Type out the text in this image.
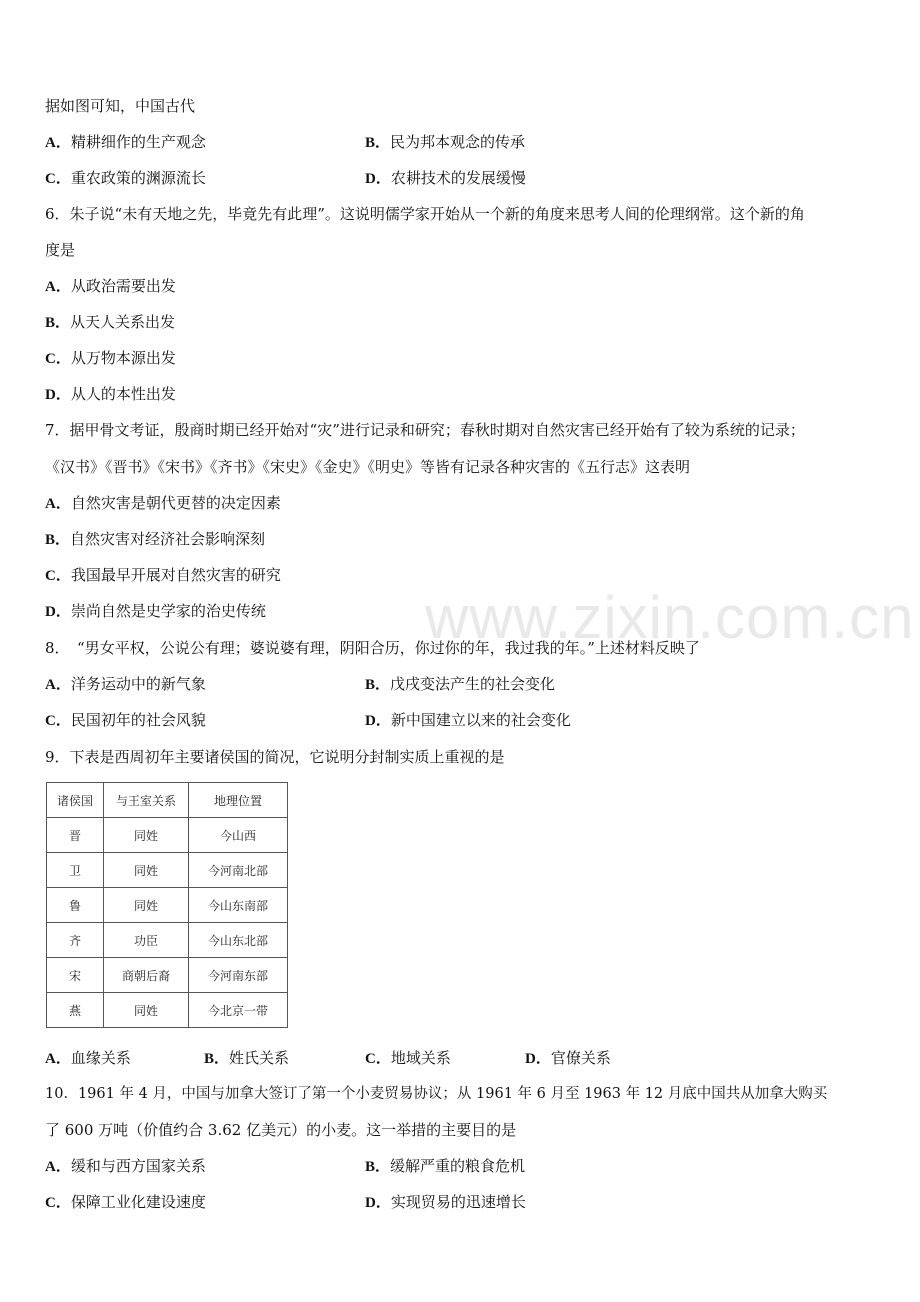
www.zixin.com.cn
据如图可知，中国古代
A．精耕细作的生产观念	B．民为邦本观念的传承
C．重农政策的渊源流长	D．农耕技术的发展缓慢
6．朱子说“未有天地之先，毕竟先有此理”。这说明儒学家开始从一个新的角度来思考人间的伦理纲常。这个新的角
度是
A．从政治需要出发
B．从天人关系出发
C．从万物本源出发
D．从人的本性出发
7．据甲骨文考证，殷商时期已经开始对“灾”进行记录和研究；春秋时期对自然灾害已经开始有了较为系统的记录；
《汉书》《晋书》《宋书》《齐书》《宋史》《金史》《明史》等皆有记录各种灾害的《五行志》这表明
A．自然灾害是朝代更替的决定因素
B．自然灾害对经济社会影响深刻
C．我国最早开展对自然灾害的研究
D．崇尚自然是史学家的治史传统
8．　“男女平权，公说公有理；婆说婆有理，阴阳合历，你过你的年，我过我的年。”上述材料反映了
A．洋务运动中的新气象	B．戊戌变法产生的社会变化
C．民国初年的社会风貌	D．新中国建立以来的社会变化
9．下表是西周初年主要诸侯国的简况，它说明分封制实质上重视的是
诸侯国	与王室关系	地理位置
晋	同姓	今山西
卫	同姓	今河南北部
鲁	同姓	今山东南部
齐	功臣	今山东北部
宋	商朝后裔	今河南东部
燕	同姓	今北京一带
A．血缘关系	B．姓氏关系	C．地域关系	D．官僚关系
10．1961 年 4 月，中国与加拿大签订了第一个小麦贸易协议；从 1961 年 6 月至 1963 年 12 月底中国共从加拿大购买
了 600 万吨（价值约合 3.62 亿美元）的小麦。这一举措的主要目的是
A．缓和与西方国家关系	B．缓解严重的粮食危机
C．保障工业化建设速度	D．实现贸易的迅速增长
